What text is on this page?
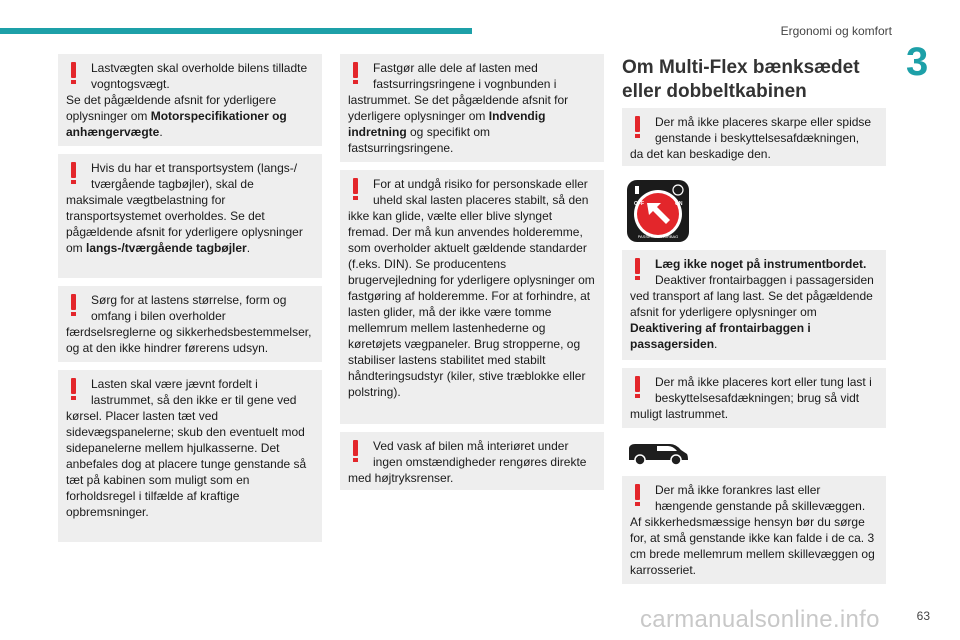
Ergonomi og komfort
3

Lastvægten skal overholde bilens tilladte vogntogsvægt.
Se det pågældende afsnit for yderligere oplysninger om Motorspecifikationer og anhængervægte.

Hvis du har et transportsystem (langs-/ tværgående tagbøjler), skal de
maksimale vægtbelastning for transportsystemet overholdes. Se det pågældende afsnit for yderligere oplysninger om langs-/tværgående tagbøjler.

Sørg for at lastens størrelse, form og omfang i bilen overholder
færdselsreglerne og sikkerhedsbestemmelser, og at den ikke hindrer førerens udsyn.

Lasten skal være jævnt fordelt i lastrummet, så den ikke er til gene ved
kørsel. Placer lasten tæt ved sidevægspanelerne; skub den eventuelt mod sidepanelerne mellem hjulkasserne. Det anbefales dog at placere tunge genstande så tæt på kabinen som muligt som en forholdsregel i tilfælde af kraftige opbremsninger.

Fastgør alle dele af lasten med fastsurringsringene i vognbunden i
lastrummet. Se det pågældende afsnit for yderligere oplysninger om Indvendig indretning og specifikt om fastsurringsringene.

For at undgå risiko for personskade eller uheld skal lasten placeres stabilt, så den
ikke kan glide, vælte eller blive slynget fremad. Der må kun anvendes holderemme, som overholder aktuelt gældende standarder (f.eks. DIN). Se producentens brugervejledning for yderligere oplysninger om fastgøring af holderemme. For at forhindre, at lasten glider, må der ikke være tomme mellemrum mellem lastenhederne og køretøjets vægpaneler. Brug stropperne, og stabiliser lastens stabilitet med stabilt håndteringsudstyr (kiler, stive træblokke eller polstring).

Ved vask af bilen må interiøret under ingen omstændigheder rengøres direkte
med højtryksrenser.

Om Multi-Flex bænksædet eller dobbeltkabinen

Der må ikke placeres skarpe eller spidse genstande i beskyttelsesafdækningen,
da det kan beskadige den.

OFF	ON
PASSENGER AIRBAG

Læg ikke noget på instrumentbordet.
Deaktiver frontairbaggen i passagersiden
ved transport af lang last. Se det pågældende afsnit for yderligere oplysninger om Deaktivering af frontairbaggen i passagersiden.

Der må ikke placeres kort eller tung last i beskyttelsesafdækningen; brug så vidt
muligt lastrummet.

Der må ikke forankres last eller hængende genstande på skillevæggen.
Af sikkerhedsmæssige hensyn bør du sørge for, at små genstande ikke kan falde i de ca. 3 cm brede mellemrum mellem skillevæggen og karrosseriet.

carmanualsonline.info	63
